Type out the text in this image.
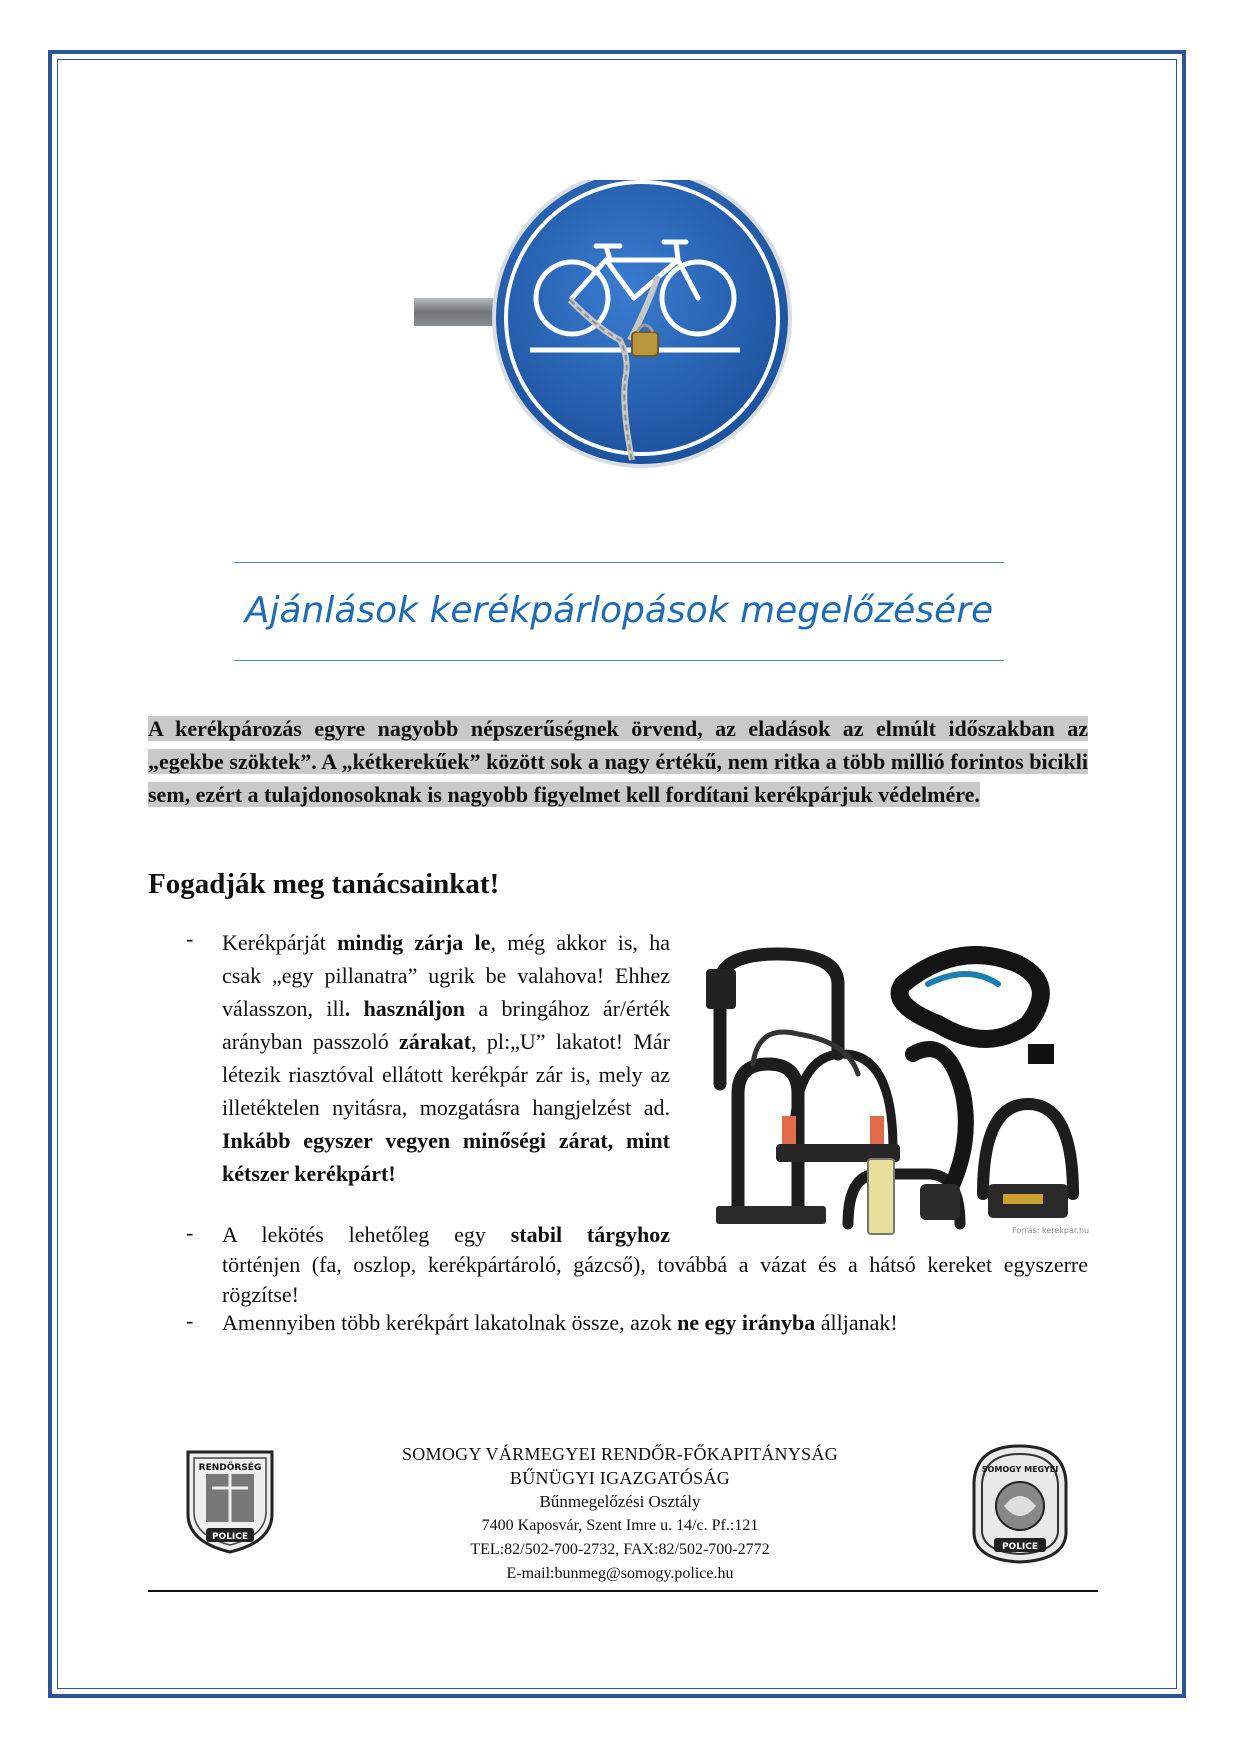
Ajánlások kerékpárlopások megelőzésére
A kerékpározás egyre nagyobb népszerűségnek örvend, az eladások az elmúlt időszakban az „egekbe szöktek”. A „kétkerekűek” között sok a nagy értékű, nem ritka a több millió forintos bicikli sem, ezért a tulajdonosoknak is nagyobb figyelmet kell fordítani kerékpárjuk védelmére.
Fogadják meg tanácsainkat!
- Kerékpárját mindig zárja le, még akkor is, ha csak „egy pillanatra” ugrik be valahova! Ehhez válasszon, ill. használjon a bringához ár/érték arányban passzoló zárakat, pl:„U” lakatot! Már létezik riasztóval ellátott kerékpár zár is, mely az illetéktelen nyitásra, mozgatásra hangjelzést ad. Inkább egyszer vegyen minőségi zárat, mint kétszer kerékpárt!

Forrás: kerekpar.hu
- A lekötés lehetőleg egy stabil tárgyhoz
történjen (fa, oszlop, kerékpártároló, gázcső), továbbá a vázat és a hátsó kereket egyszerre rögzítse!
- Amennyiben több kerékpárt lakatolnak össze, azok ne egy irányba álljanak!
RENDŐRSÉG
POLICE
SOMOGY MEGYEI
POLICE
SOMOGY VÁRMEGYEI RENDŐR-FŐKAPITÁNYSÁG
BŰNÜGYI IGAZGATÓSÁG
Bűnmegelőzési Osztály
7400 Kaposvár, Szent Imre u. 14/c. Pf.:121
TEL:82/502-700-2732, FAX:82/502-700-2772
E-mail:bunmeg@somogy.police.hu
